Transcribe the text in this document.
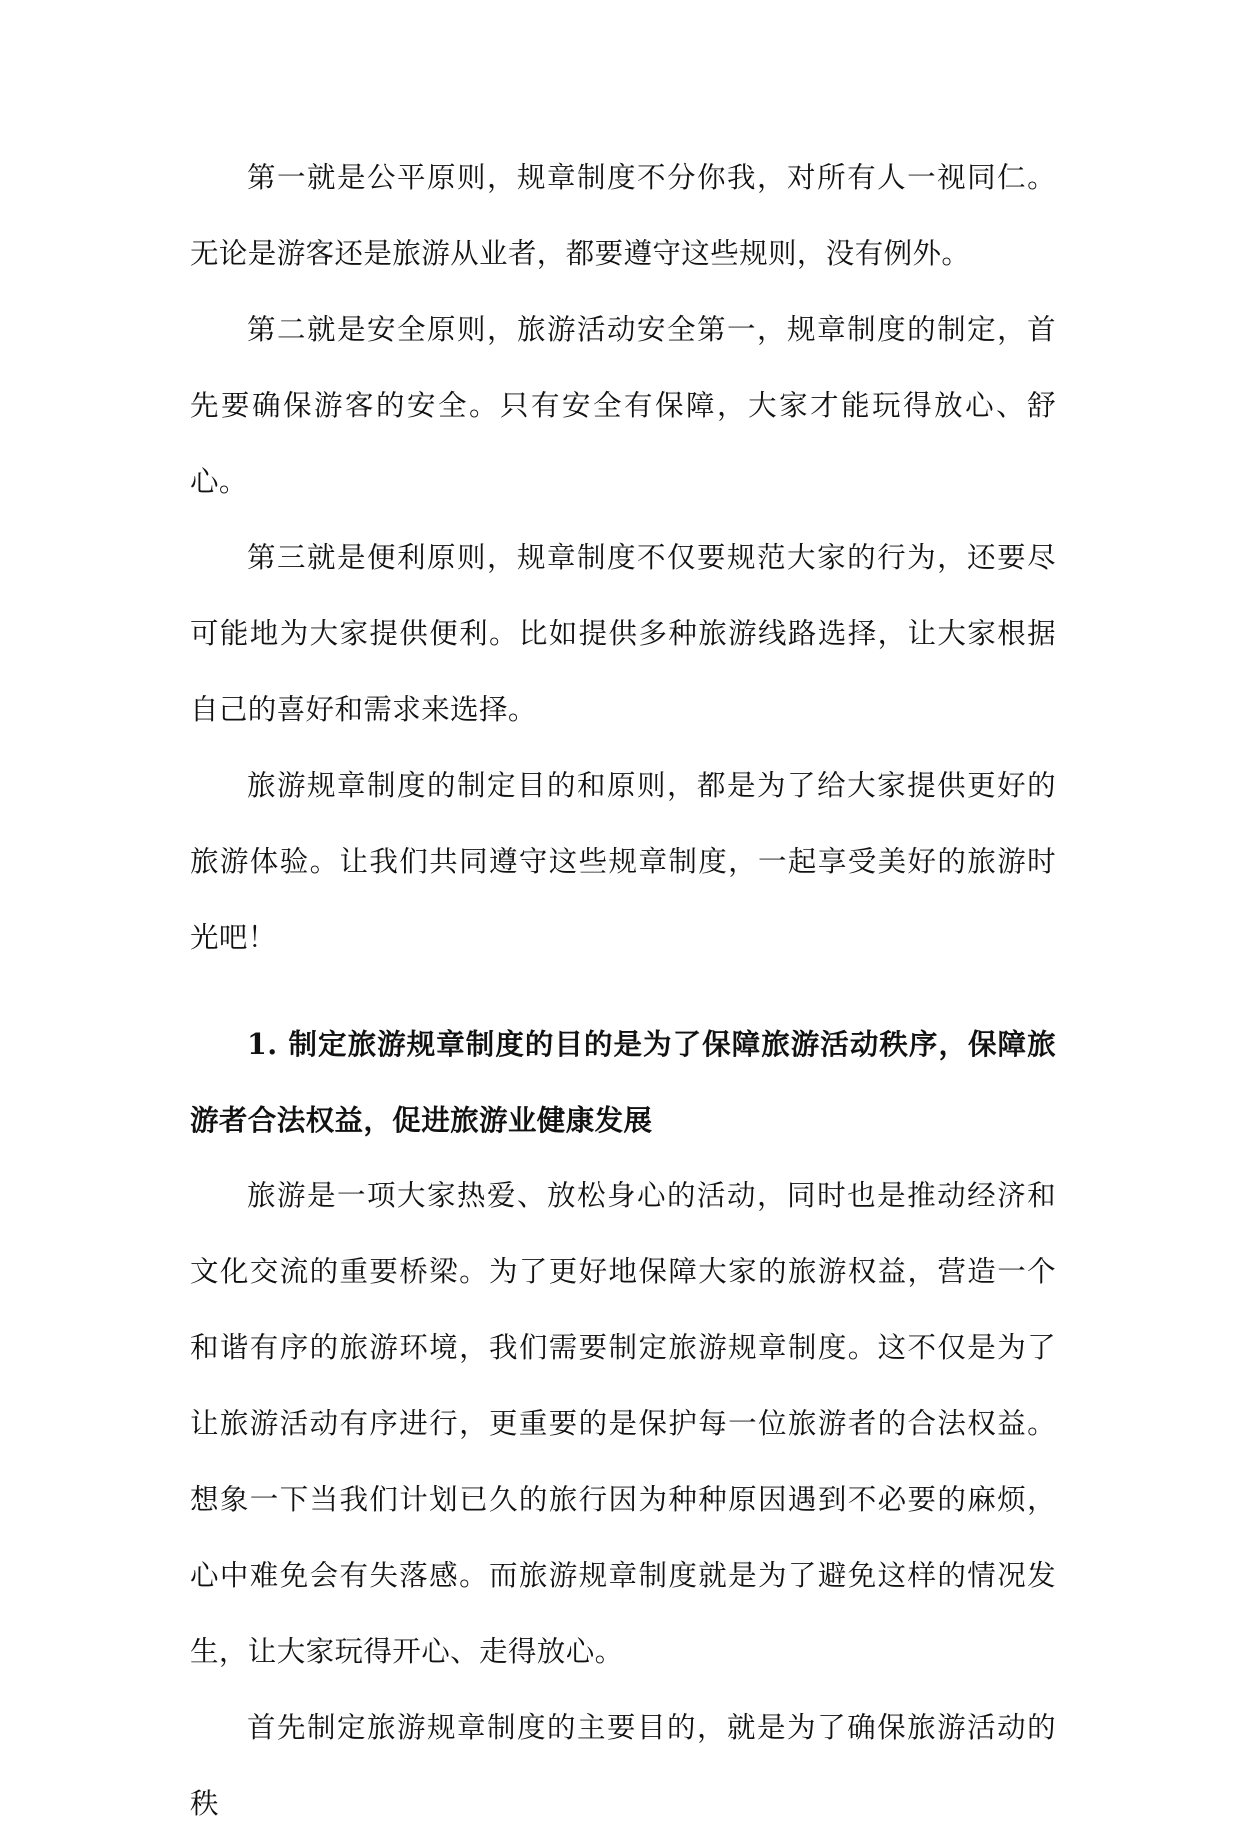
第一就是公平原则，规章制度不分你我，对所有人一视同仁。无论是游客还是旅游从业者，都要遵守这些规则，没有例外。

第二就是安全原则，旅游活动安全第一，规章制度的制定，首先要确保游客的安全。只有安全有保障，大家才能玩得放心、舒心。

第三就是便利原则，规章制度不仅要规范大家的行为，还要尽可能地为大家提供便利。比如提供多种旅游线路选择，让大家根据自己的喜好和需求来选择。

旅游规章制度的制定目的和原则，都是为了给大家提供更好的旅游体验。让我们共同遵守这些规章制度，一起享受美好的旅游时光吧！

1. 制定旅游规章制度的目的是为了保障旅游活动秩序，保障旅游者合法权益，促进旅游业健康发展

旅游是一项大家热爱、放松身心的活动，同时也是推动经济和文化交流的重要桥梁。为了更好地保障大家的旅游权益，营造一个和谐有序的旅游环境，我们需要制定旅游规章制度。这不仅是为了让旅游活动有序进行，更重要的是保护每一位旅游者的合法权益。想象一下当我们计划已久的旅行因为种种原因遇到不必要的麻烦，心中难免会有失落感。而旅游规章制度就是为了避免这样的情况发生，让大家玩得开心、走得放心。

首先制定旅游规章制度的主要目的，就是为了确保旅游活动的秩
